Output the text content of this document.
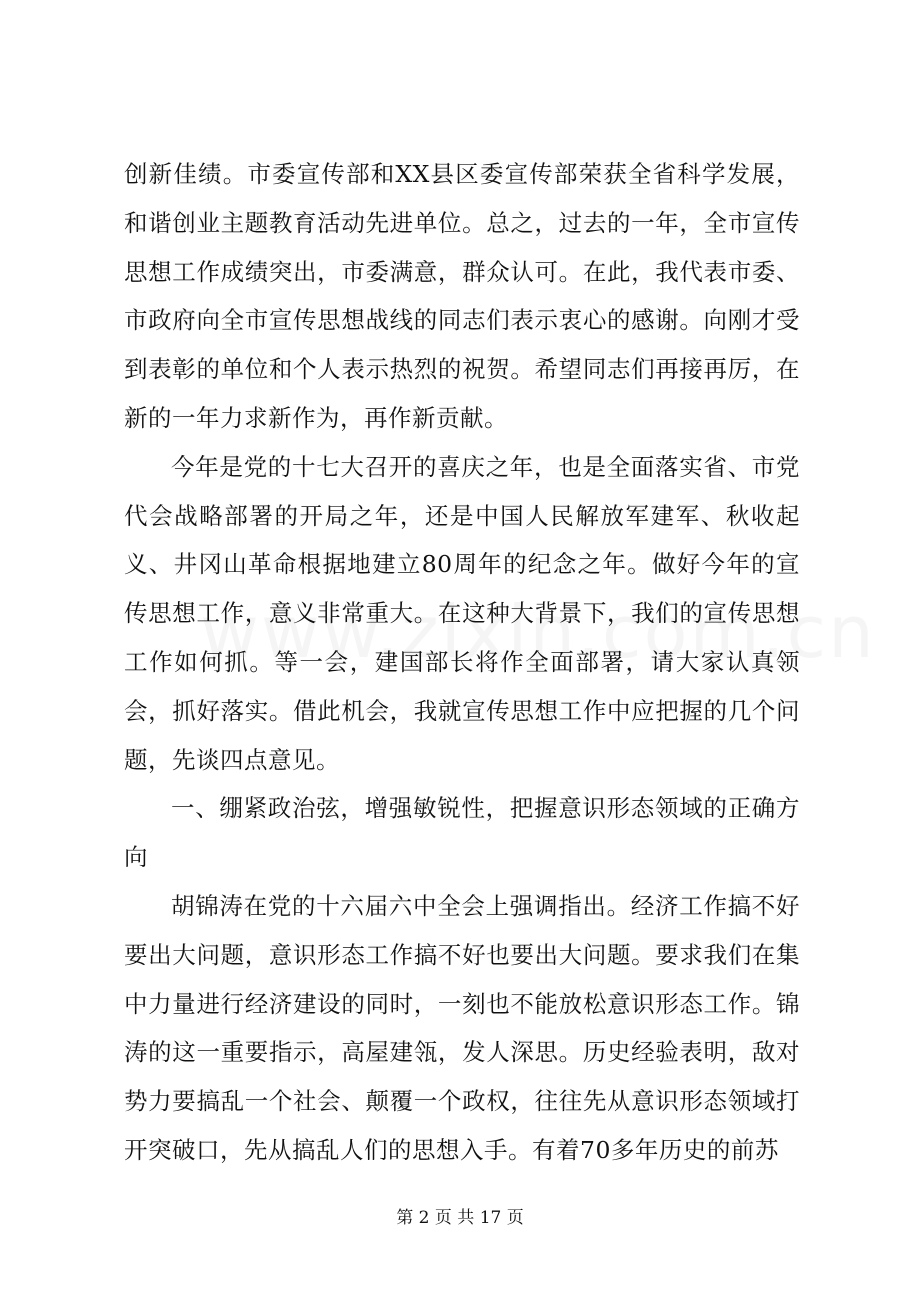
创新佳绩。市委宣传部和XX县区委宣传部荣获全省科学发展，和谐创业主题教育活动先进单位。总之，过去的一年，全市宣传思想工作成绩突出，市委满意，群众认可。在此，我代表市委、市政府向全市宣传思想战线的同志们表示衷心的感谢。向刚才受到表彰的单位和个人表示热烈的祝贺。希望同志们再接再厉，在新的一年力求新作为，再作新贡献。

今年是党的十七大召开的喜庆之年，也是全面落实省、市党代会战略部署的开局之年，还是中国人民解放军建军、秋收起义、井冈山革命根据地建立80周年的纪念之年。做好今年的宣传思想工作，意义非常重大。在这种大背景下，我们的宣传思想工作如何抓。等一会，建国部长将作全面部署，请大家认真领会，抓好落实。借此机会，我就宣传思想工作中应把握的几个问题，先谈四点意见。

一、绷紧政治弦，增强敏锐性，把握意识形态领域的正确方向

胡锦涛在党的十六届六中全会上强调指出。经济工作搞不好要出大问题，意识形态工作搞不好也要出大问题。要求我们在集中力量进行经济建设的同时，一刻也不能放松意识形态工作。锦涛的这一重要指示，高屋建瓴，发人深思。历史经验表明，敌对势力要搞乱一个社会、颠覆一个政权，往往先从意识形态领域打开突破口，先从搞乱人们的思想入手。有着70多年历史的前苏

第 2 页 共 17 页
